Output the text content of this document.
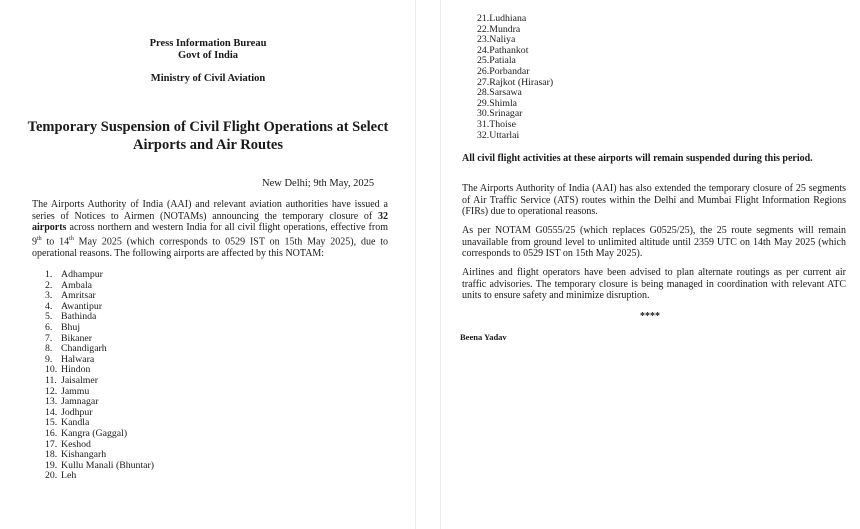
Press Information Bureau
Govt of India
Ministry of Civil Aviation
Temporary Suspension of Civil Flight Operations at Select Airports and Air Routes
New Delhi; 9th May, 2025
The Airports Authority of India (AAI) and relevant aviation authorities have issued a series of Notices to Airmen (NOTAMs) announcing the temporary closure of 32 airports across northern and western India for all civil flight operations, effective from 9th to 14th May 2025 (which corresponds to 0529 IST on 15th May 2025), due to operational reasons. The following airports are affected by this NOTAM:
1. Adhampur
2. Ambala
3. Amritsar
4. Awantipur
5. Bathinda
6. Bhuj
7. Bikaner
8. Chandigarh
9. Halwara
10. Hindon
11. Jaisalmer
12. Jammu
13. Jamnagar
14. Jodhpur
15. Kandla
16. Kangra (Gaggal)
17. Keshod
18. Kishangarh
19. Kullu Manali (Bhuntar)
20. Leh
21.Ludhiana
22.Mundra
23.Naliya
24.Pathankot
25.Patiala
26.Porbandar
27.Rajkot (Hirasar)
28.Sarsawa
29.Shimla
30.Srinagar
31.Thoise
32.Uttarlai
All civil flight activities at these airports will remain suspended during this period.
The Airports Authority of India (AAI) has also extended the temporary closure of 25 segments of Air Traffic Service (ATS) routes within the Delhi and Mumbai Flight Information Regions (FIRs) due to operational reasons.
As per NOTAM G0555/25 (which replaces G0525/25), the 25 route segments will remain unavailable from ground level to unlimited altitude until 2359 UTC on 14th May 2025 (which corresponds to 0529 IST on 15th May 2025).
Airlines and flight operators have been advised to plan alternate routings as per current air traffic advisories. The temporary closure is being managed in coordination with relevant ATC units to ensure safety and minimize disruption.
****
Beena Yadav
